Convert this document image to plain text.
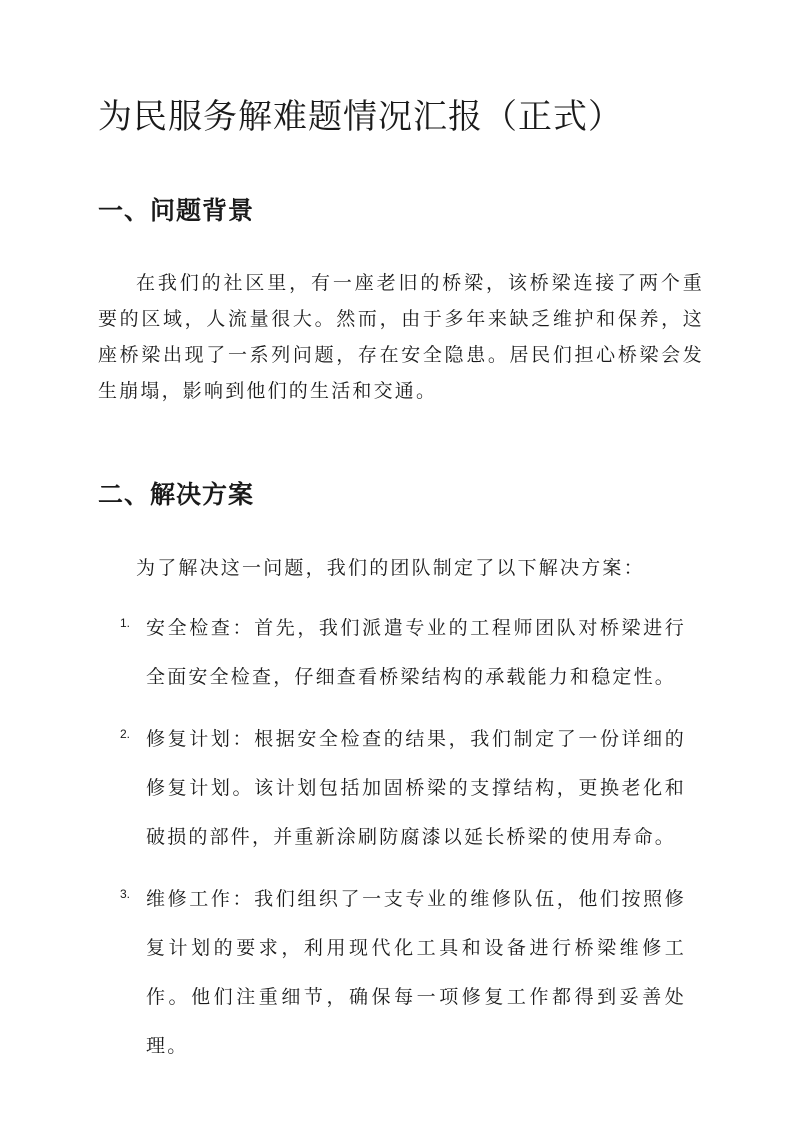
为民服务解难题情况汇报（正式）
一、问题背景

在我们的社区里，有一座老旧的桥梁，该桥梁连接了两个重要的区域，人流量很大。然而，由于多年来缺乏维护和保养，这座桥梁出现了一系列问题，存在安全隐患。居民们担心桥梁会发生崩塌，影响到他们的生活和交通。

二、解决方案

为了解决这一问题，我们的团队制定了以下解决方案：

1. 安全检查：首先，我们派遣专业的工程师团队对桥梁进行全面安全检查，仔细查看桥梁结构的承载能力和稳定性。

2. 修复计划：根据安全检查的结果，我们制定了一份详细的修复计划。该计划包括加固桥梁的支撑结构，更换老化和破损的部件，并重新涂刷防腐漆以延长桥梁的使用寿命。

3. 维修工作：我们组织了一支专业的维修队伍，他们按照修复计划的要求，利用现代化工具和设备进行桥梁维修工作。他们注重细节，确保每一项修复工作都得到妥善处理。
